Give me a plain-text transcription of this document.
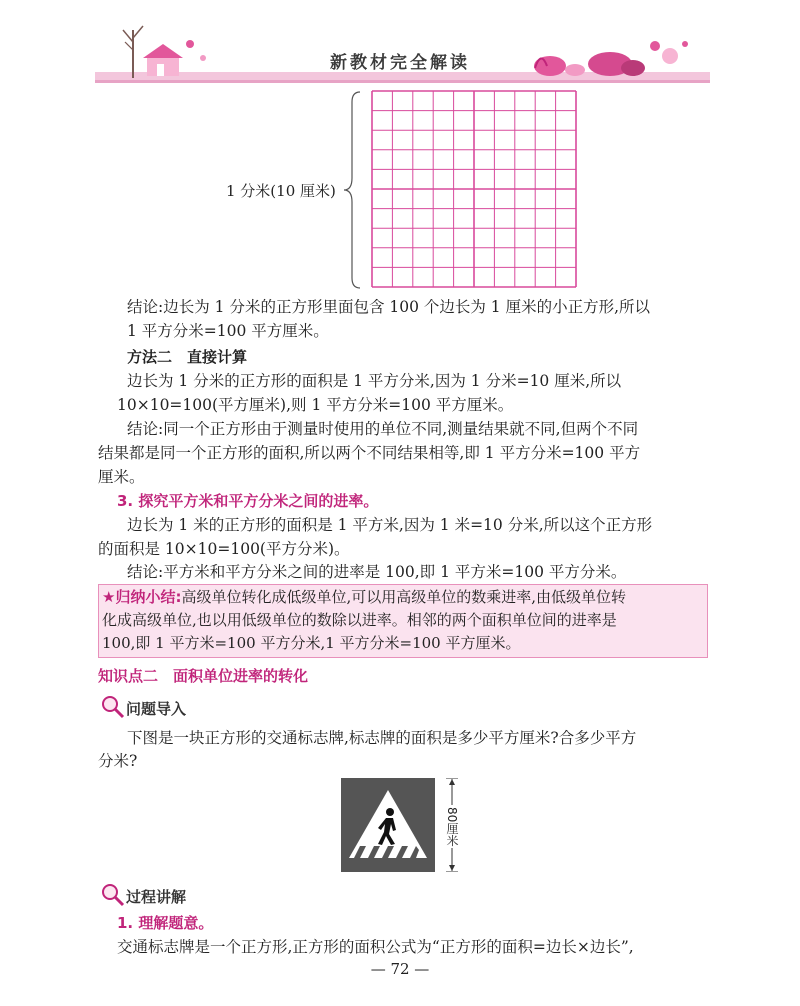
新教材完全解读
1 分米(10 厘米)
结论:边长为 1 分米的正方形里面包含 100 个边长为 1 厘米的小正方形,所以
1 平方分米=100 平方厘米。
方法二　直接计算
边长为 1 分米的正方形的面积是 1 平方分米,因为 1 分米=10 厘米,所以
10×10=100(平方厘米),则 1 平方分米=100 平方厘米。
结论:同一个正方形由于测量时使用的单位不同,测量结果就不同,但两个不同
结果都是同一个正方形的面积,所以两个不同结果相等,即 1 平方分米=100 平方
厘米。
3. 探究平方米和平方分米之间的进率。
边长为 1 米的正方形的面积是 1 平方米,因为 1 米=10 分米,所以这个正方形
的面积是 10×10=100(平方分米)。
结论:平方米和平方分米之间的进率是 100,即 1 平方米=100 平方分米。
★归纳小结:高级单位转化成低级单位,可以用高级单位的数乘进率,由低级单位转
化成高级单位,也以用低级单位的数除以进率。相邻的两个面积单位间的进率是
100,即 1 平方米=100 平方分米,1 平方分米=100 平方厘米。
知识点二　面积单位进率的转化
问题导入
下图是一块正方形的交通标志牌,标志牌的面积是多少平方厘米?合多少平方
分米?
80厘米
过程讲解
1. 理解题意。
交通标志牌是一个正方形,正方形的面积公式为“正方形的面积=边长×边长”,
— 72 —
